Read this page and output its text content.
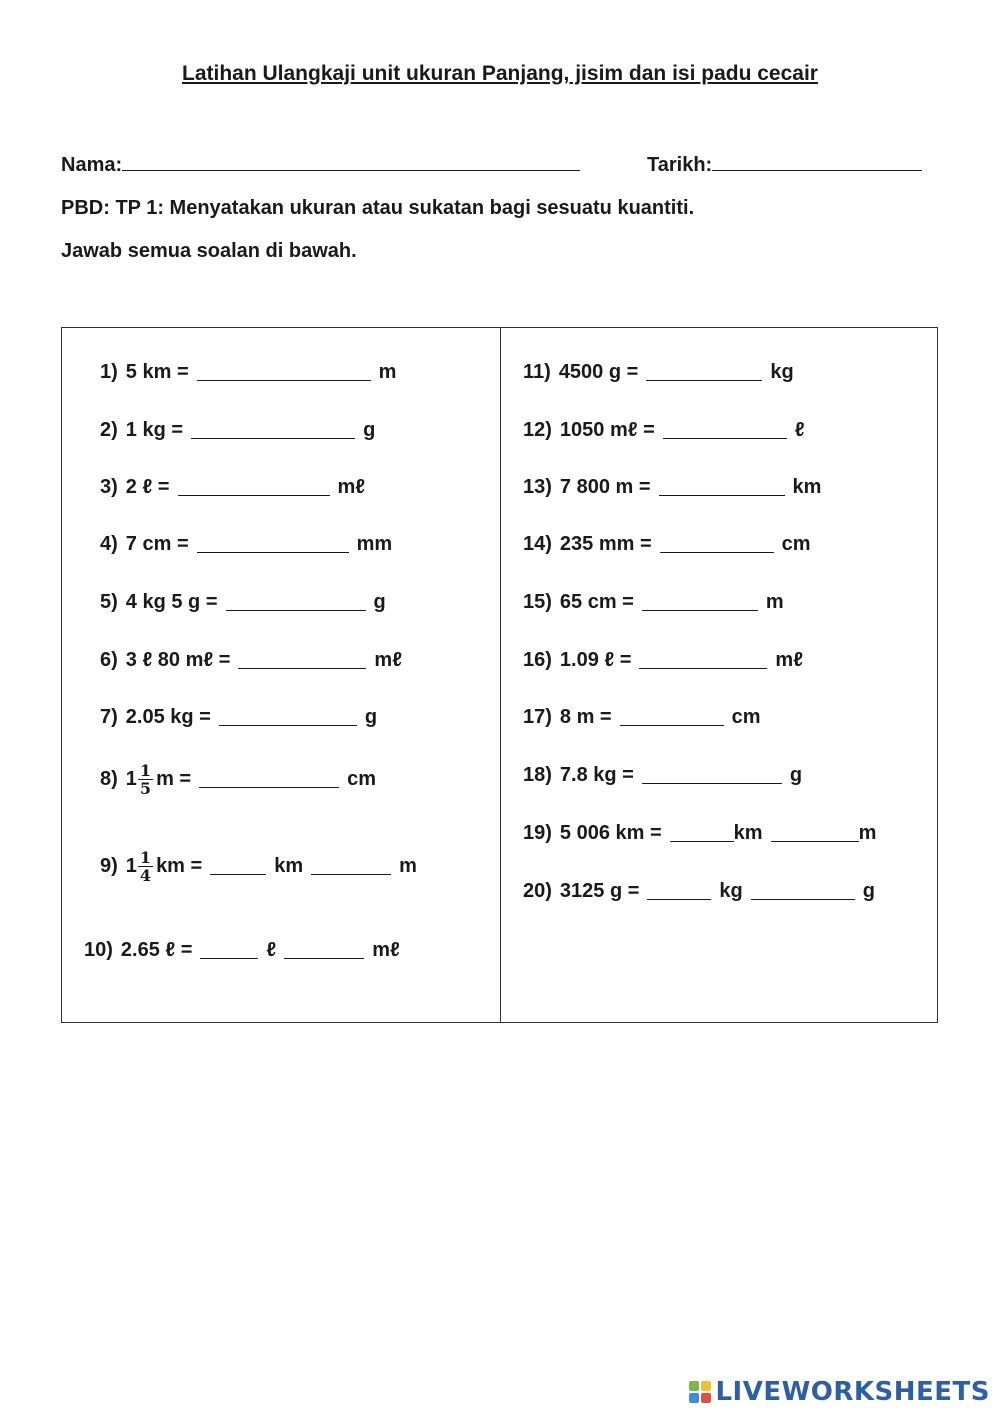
Latihan Ulangkaji unit ukuran Panjang, jisim dan isi padu cecair
Nama:	Tarikh:
PBD: TP 1: Menyatakan ukuran atau sukatan bagi sesuatu kuantiti.
Jawab semua soalan di bawah.
1) 5 km =	m
2) 1 kg =	g
3) 2 ℓ =	mℓ
4) 7 cm =	mm
5) 4 kg 5 g =	g
6) 3 ℓ 80 mℓ =	mℓ
7) 2.05 kg =	g
8) $1 \frac{1}{5}$ m =	cm
9) $1 \frac{1}{4}$ km =	km	m
10) 2.65 ℓ =	ℓ	mℓ
11) 4500 g =	kg
12) 1050 mℓ =	ℓ
13) 7 800 m =	km
14) 235 mm =	cm
15) 65 cm =	m
16) 1.09 ℓ =	mℓ
17) 8 m =	cm
18) 7.8 kg =	g
19) 5 006 km =	km	m
20) 3125 g =	kg	g
LIVEWORKSHEETS
